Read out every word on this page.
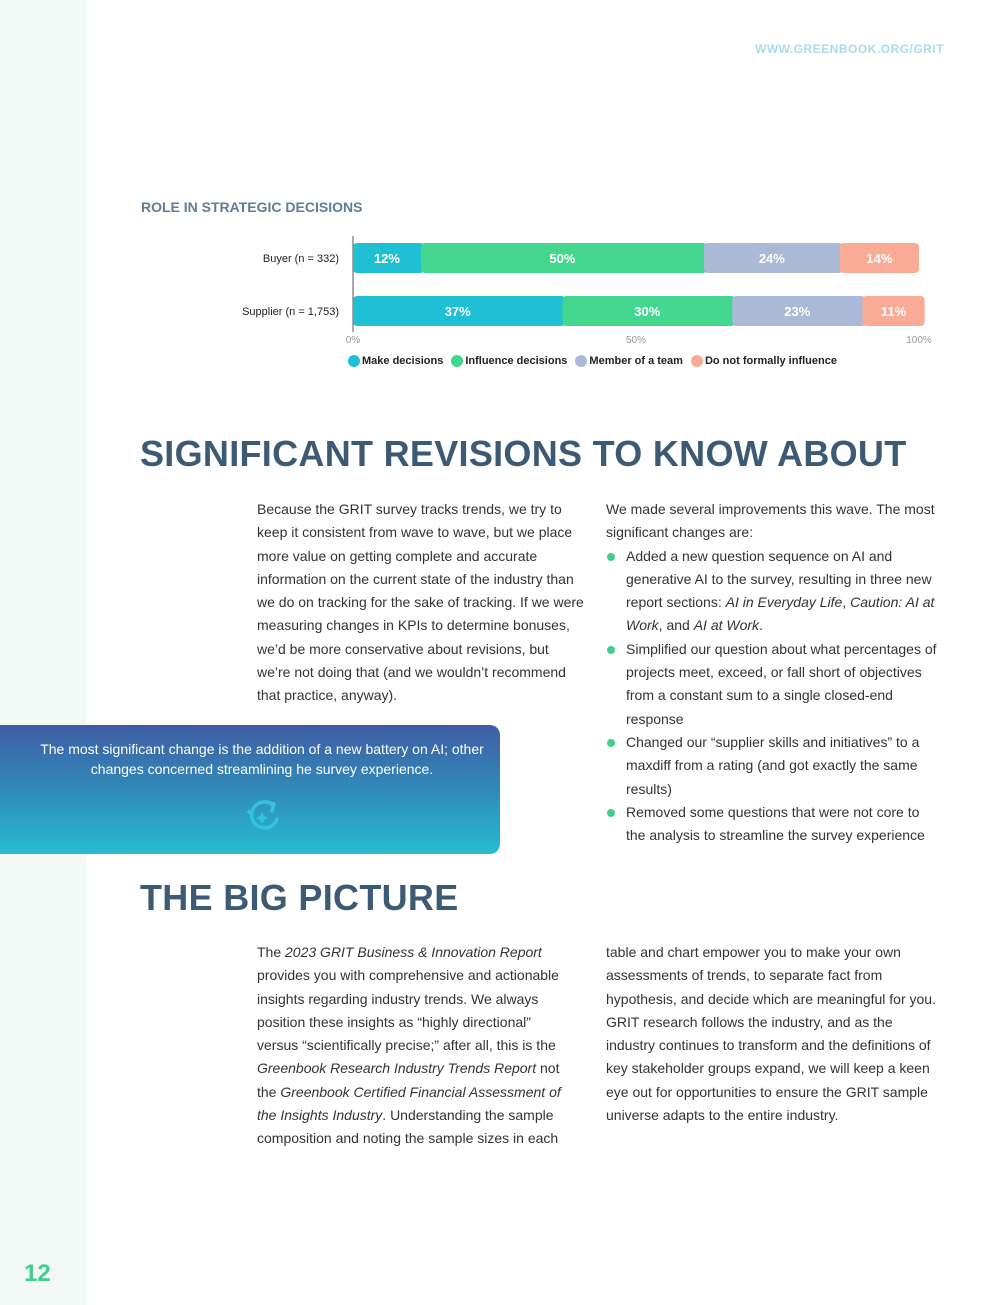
12

WWW.GREENBOOK.ORG/GRIT
ROLE IN STRATEGIC DECISIONS
Buyer (n = 332)	12%	50%	24%	14%
Supplier (n = 1,753)	37%	30%	23%	11%
0%	50%	100%
Make decisions Influence decisions Member of a team Do not formally influence
SIGNIFICANT REVISIONS TO KNOW ABOUT

Because the GRIT survey tracks trends, we try to keep it consistent from wave to wave, but we place more value on getting complete and accurate information on the current state of the industry than we do on tracking for the sake of tracking. If we were measuring changes in KPIs to determine bonuses, we’d be more conservative about revisions, but we’re not doing that (and we wouldn’t recommend that practice, anyway).

We made several improvements this wave. The most significant changes are:

Added a new question sequence on AI and generative AI to the survey, resulting in three new report sections: AI in Everyday Life, Caution: AI at Work, and AI at Work.
Simplified our question about what percentages of projects meet, exceed, or fall short of objectives from a constant sum to a single closed-end response
Changed our “supplier skills and initiatives” to a maxdiff from a rating (and got exactly the same results)
Removed some questions that were not core to the analysis to streamline the survey experience

The most significant change is the addition of a new battery on AI; other changes concerned streamlining he survey experience.

THE BIG PICTURE

The 2023 GRIT Business & Innovation Report provides you with comprehensive and actionable insights regarding industry trends. We always position these insights as “highly directional” versus “scientifically precise;” after all, this is the Greenbook Research Industry Trends Report not the Greenbook Certified Financial Assessment of the Insights Industry. Understanding the sample composition and noting the sample sizes in each

table and chart empower you to make your own assessments of trends, to separate fact from hypothesis, and decide which are meaningful for you. GRIT research follows the industry, and as the industry continues to transform and the definitions of key stakeholder groups expand, we will keep a keen eye out for opportunities to ensure the GRIT sample universe adapts to the entire industry.
